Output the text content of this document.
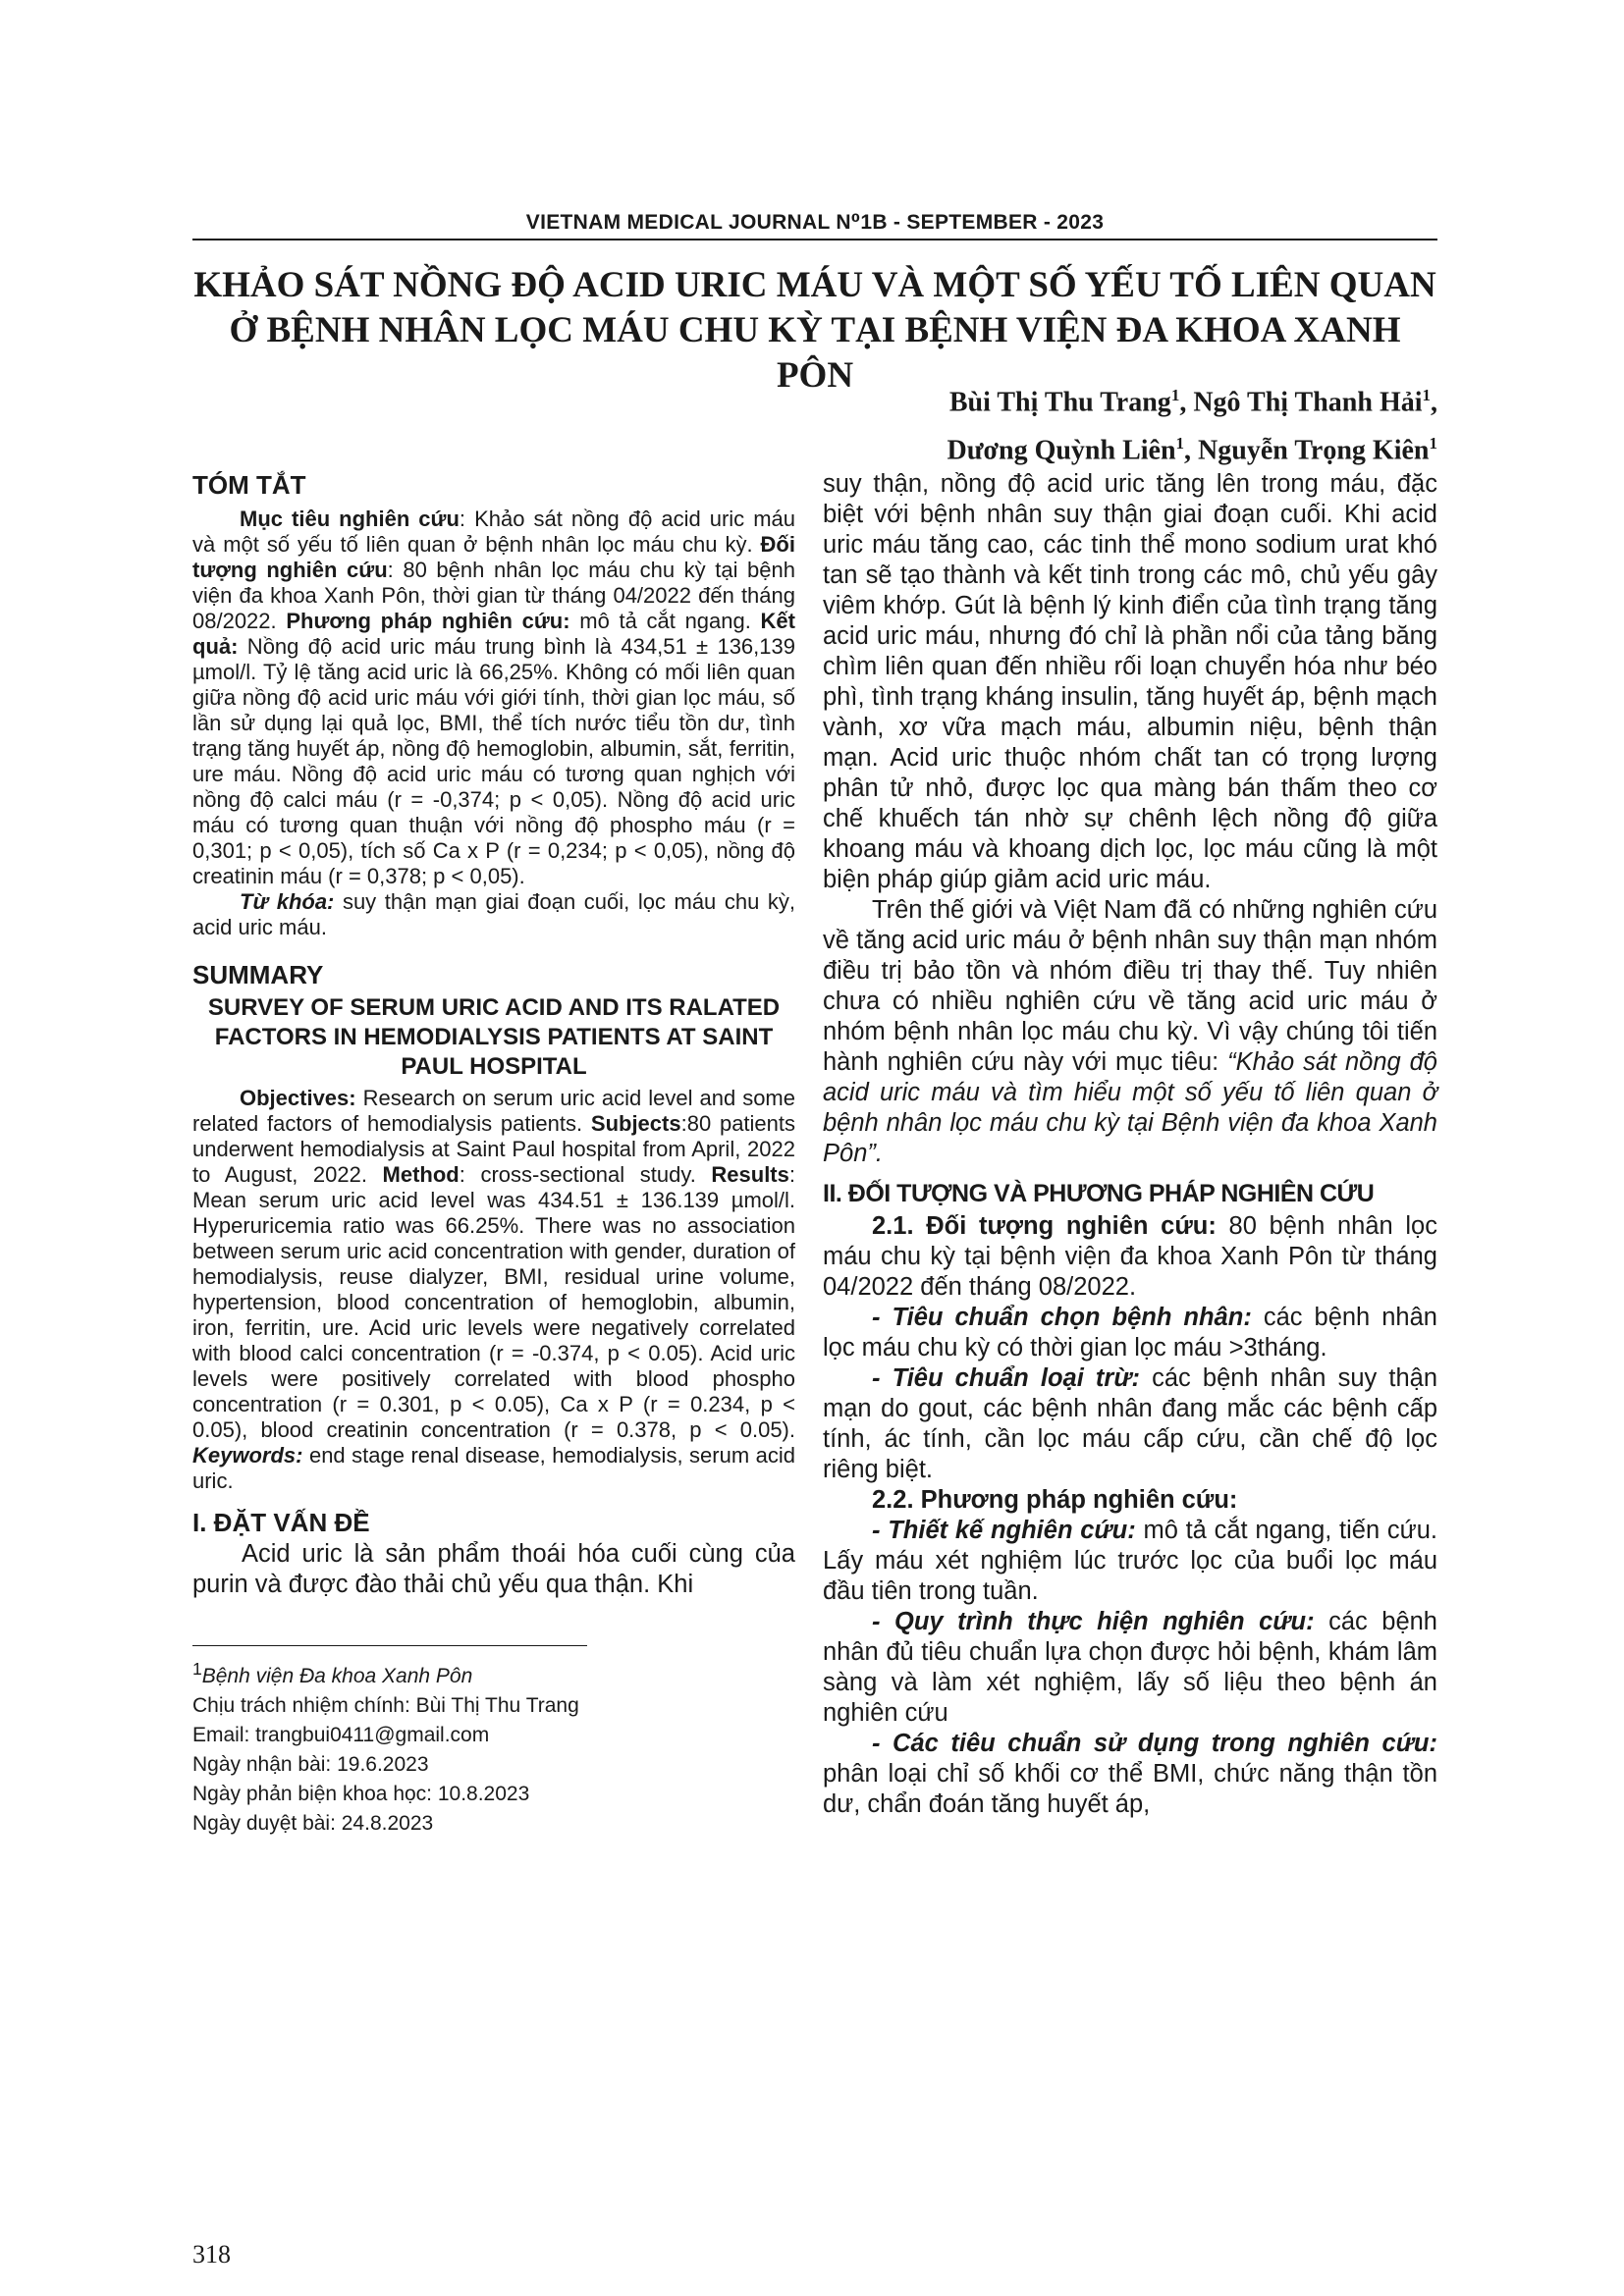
VIETNAM MEDICAL JOURNAL N⁰1B - SEPTEMBER - 2023
KHẢO SÁT NỒNG ĐỘ ACID URIC MÁU VÀ MỘT SỐ YẾU TỐ LIÊN QUAN
Ở BỆNH NHÂN LỌC MÁU CHU KỲ TẠI BỆNH VIỆN ĐA KHOA XANH PÔN
Bùi Thị Thu Trang$^1$, Ngô Thị Thanh Hải$^1$,
Dương Quỳnh Liên$^1$, Nguyễn Trọng Kiên$^1$
TÓM TẮT

Mục tiêu nghiên cứu: Khảo sát nồng độ acid uric máu và một số yếu tố liên quan ở bệnh nhân lọc máu chu kỳ. Đối tượng nghiên cứu: 80 bệnh nhân lọc máu chu kỳ tại bệnh viện đa khoa Xanh Pôn, thời gian từ tháng 04/2022 đến tháng 08/2022. Phương pháp nghiên cứu: mô tả cắt ngang. Kết quả: Nồng độ acid uric máu trung bình là 434,51 ± 136,139 µmol/l. Tỷ lệ tăng acid uric là 66,25%. Không có mối liên quan giữa nồng độ acid uric máu với giới tính, thời gian lọc máu, số lần sử dụng lại quả lọc, BMI, thể tích nước tiểu tồn dư, tình trạng tăng huyết áp, nồng độ hemoglobin, albumin, sắt, ferritin, ure máu. Nồng độ acid uric máu có tương quan nghịch với nồng độ calci máu (r = -0,374; p < 0,05). Nồng độ acid uric máu có tương quan thuận với nồng độ phospho máu (r = 0,301; p < 0,05), tích số Ca x P (r = 0,234; p < 0,05), nồng độ creatinin máu (r = 0,378; p < 0,05).

Từ khóa: suy thận mạn giai đoạn cuối, lọc máu chu kỳ, acid uric máu.

SUMMARY
SURVEY OF SERUM URIC ACID AND ITS RALATED FACTORS IN HEMODIALYSIS PATIENTS AT SAINT PAUL HOSPITAL

Objectives: Research on serum uric acid level and some related factors of hemodialysis patients. Subjects:80 patients underwent hemodialysis at Saint Paul hospital from April, 2022 to August, 2022. Method: cross-sectional study. Results: Mean serum uric acid level was 434.51 ± 136.139 µmol/l. Hyperuricemia ratio was 66.25%. There was no association between serum uric acid concentration with gender, duration of hemodialysis, reuse dialyzer, BMI, residual urine volume, hypertension, blood concentration of hemoglobin, albumin, iron, ferritin, ure. Acid uric levels were negatively correlated with blood calci concentration (r = -0.374, p < 0.05). Acid uric levels were positively correlated with blood phospho concentration (r = 0.301, p < 0.05), Ca x P (r = 0.234, p < 0.05), blood creatinin concentration (r = 0.378, p < 0.05). Keywords: end stage renal disease, hemodialysis, serum acid uric.

I. ĐẶT VẤN ĐỀ

Acid uric là sản phẩm thoái hóa cuối cùng của purin và được đào thải chủ yếu qua thận. Khi

$^1$Bệnh viện Đa khoa Xanh Pôn

Chịu trách nhiệm chính: Bùi Thị Thu Trang

Email: trangbui0411@gmail.com

Ngày nhận bài: 19.6.2023

Ngày phản biện khoa học: 10.8.2023

Ngày duyệt bài: 24.8.2023

suy thận, nồng độ acid uric tăng lên trong máu, đặc biệt với bệnh nhân suy thận giai đoạn cuối. Khi acid uric máu tăng cao, các tinh thể mono sodium urat khó tan sẽ tạo thành và kết tinh trong các mô, chủ yếu gây viêm khớp. Gút là bệnh lý kinh điển của tình trạng tăng acid uric máu, nhưng đó chỉ là phần nổi của tảng băng chìm liên quan đến nhiều rối loạn chuyển hóa như béo phì, tình trạng kháng insulin, tăng huyết áp, bệnh mạch vành, xơ vữa mạch máu, albumin niệu, bệnh thận mạn. Acid uric thuộc nhóm chất tan có trọng lượng phân tử nhỏ, được lọc qua màng bán thấm theo cơ chế khuếch tán nhờ sự chênh lệch nồng độ giữa khoang máu và khoang dịch lọc, lọc máu cũng là một biện pháp giúp giảm acid uric máu.

Trên thế giới và Việt Nam đã có những nghiên cứu về tăng acid uric máu ở bệnh nhân suy thận mạn nhóm điều trị bảo tồn và nhóm điều trị thay thế. Tuy nhiên chưa có nhiều nghiên cứu về tăng acid uric máu ở nhóm bệnh nhân lọc máu chu kỳ. Vì vậy chúng tôi tiến hành nghiên cứu này với mục tiêu: “Khảo sát nồng độ acid uric máu và tìm hiểu một số yếu tố liên quan ở bệnh nhân lọc máu chu kỳ tại Bệnh viện đa khoa Xanh Pôn”.

II. ĐỐI TƯỢNG VÀ PHƯƠNG PHÁP NGHIÊN CỨU

2.1. Đối tượng nghiên cứu: 80 bệnh nhân lọc máu chu kỳ tại bệnh viện đa khoa Xanh Pôn từ tháng 04/2022 đến tháng 08/2022.

- Tiêu chuẩn chọn bệnh nhân: các bệnh nhân lọc máu chu kỳ có thời gian lọc máu >3tháng.

- Tiêu chuẩn loại trừ: các bệnh nhân suy thận mạn do gout, các bệnh nhân đang mắc các bệnh cấp tính, ác tính, cần lọc máu cấp cứu, cần chế độ lọc riêng biệt.

2.2. Phương pháp nghiên cứu:

- Thiết kế nghiên cứu: mô tả cắt ngang, tiến cứu. Lấy máu xét nghiệm lúc trước lọc của buổi lọc máu đầu tiên trong tuần.

- Quy trình thực hiện nghiên cứu: các bệnh nhân đủ tiêu chuẩn lựa chọn được hỏi bệnh, khám lâm sàng và làm xét nghiệm, lấy số liệu theo bệnh án nghiên cứu

- Các tiêu chuẩn sử dụng trong nghiên cứu: phân loại chỉ số khối cơ thể BMI, chức năng thận tồn dư, chẩn đoán tăng huyết áp,

318
